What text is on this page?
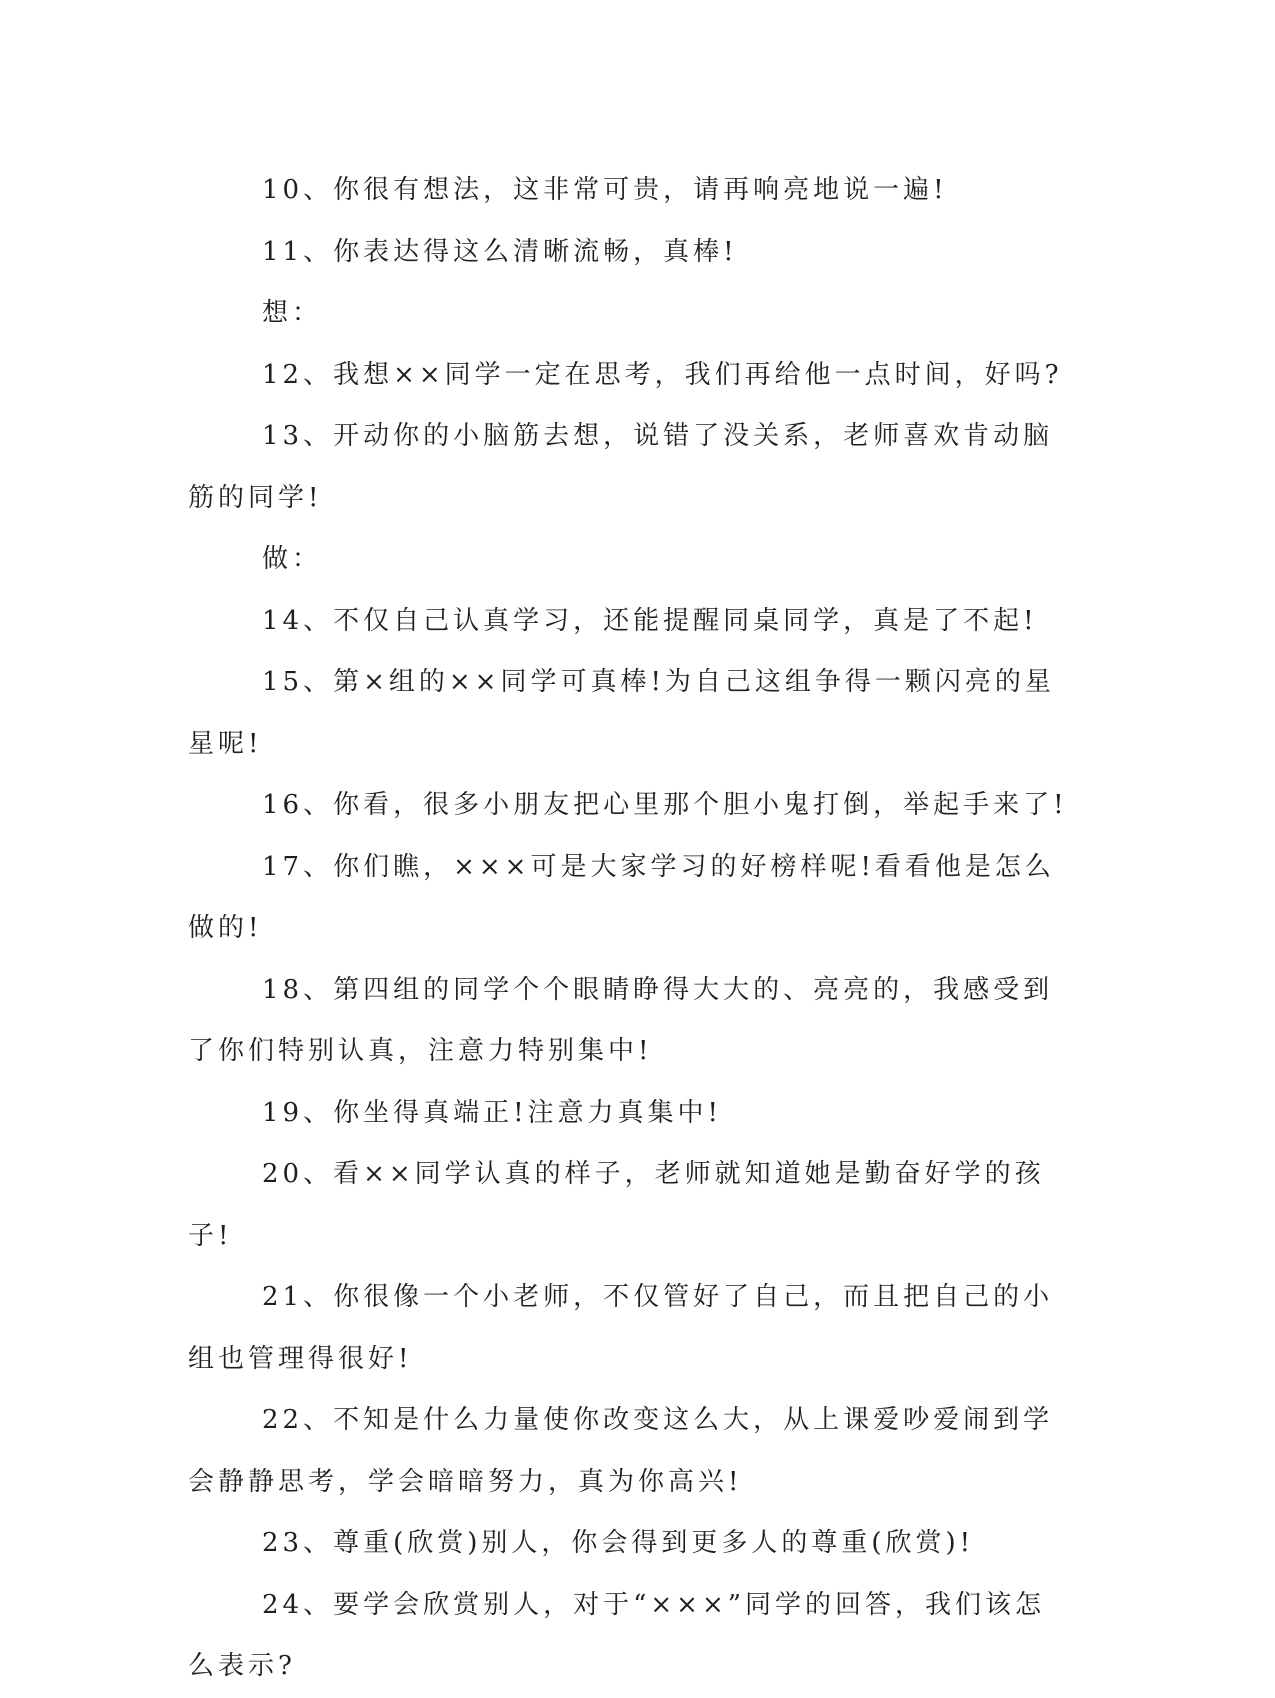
10、你很有想法，这非常可贵，请再响亮地说一遍!

11、你表达得这么清晰流畅，真棒!

想：

12、我想××同学一定在思考，我们再给他一点时间，好吗?

13、开动你的小脑筋去想，说错了没关系，老师喜欢肯动脑筋的同学!

做：

14、不仅自己认真学习，还能提醒同桌同学，真是了不起!

15、第×组的××同学可真棒!为自己这组争得一颗闪亮的星星呢!

16、你看，很多小朋友把心里那个胆小鬼打倒，举起手来了!

17、你们瞧，×××可是大家学习的好榜样呢!看看他是怎么做的!

18、第四组的同学个个眼睛睁得大大的、亮亮的，我感受到了你们特别认真，注意力特别集中!

19、你坐得真端正!注意力真集中!

20、看××同学认真的样子，老师就知道她是勤奋好学的孩子!

21、你很像一个小老师，不仅管好了自己，而且把自己的小组也管理得很好!

22、不知是什么力量使你改变这么大，从上课爱吵爱闹到学会静静思考，学会暗暗努力，真为你高兴!

23、尊重(欣赏)别人，你会得到更多人的尊重(欣赏)!

24、要学会欣赏别人，对于“×××”同学的回答，我们该怎么表示?
